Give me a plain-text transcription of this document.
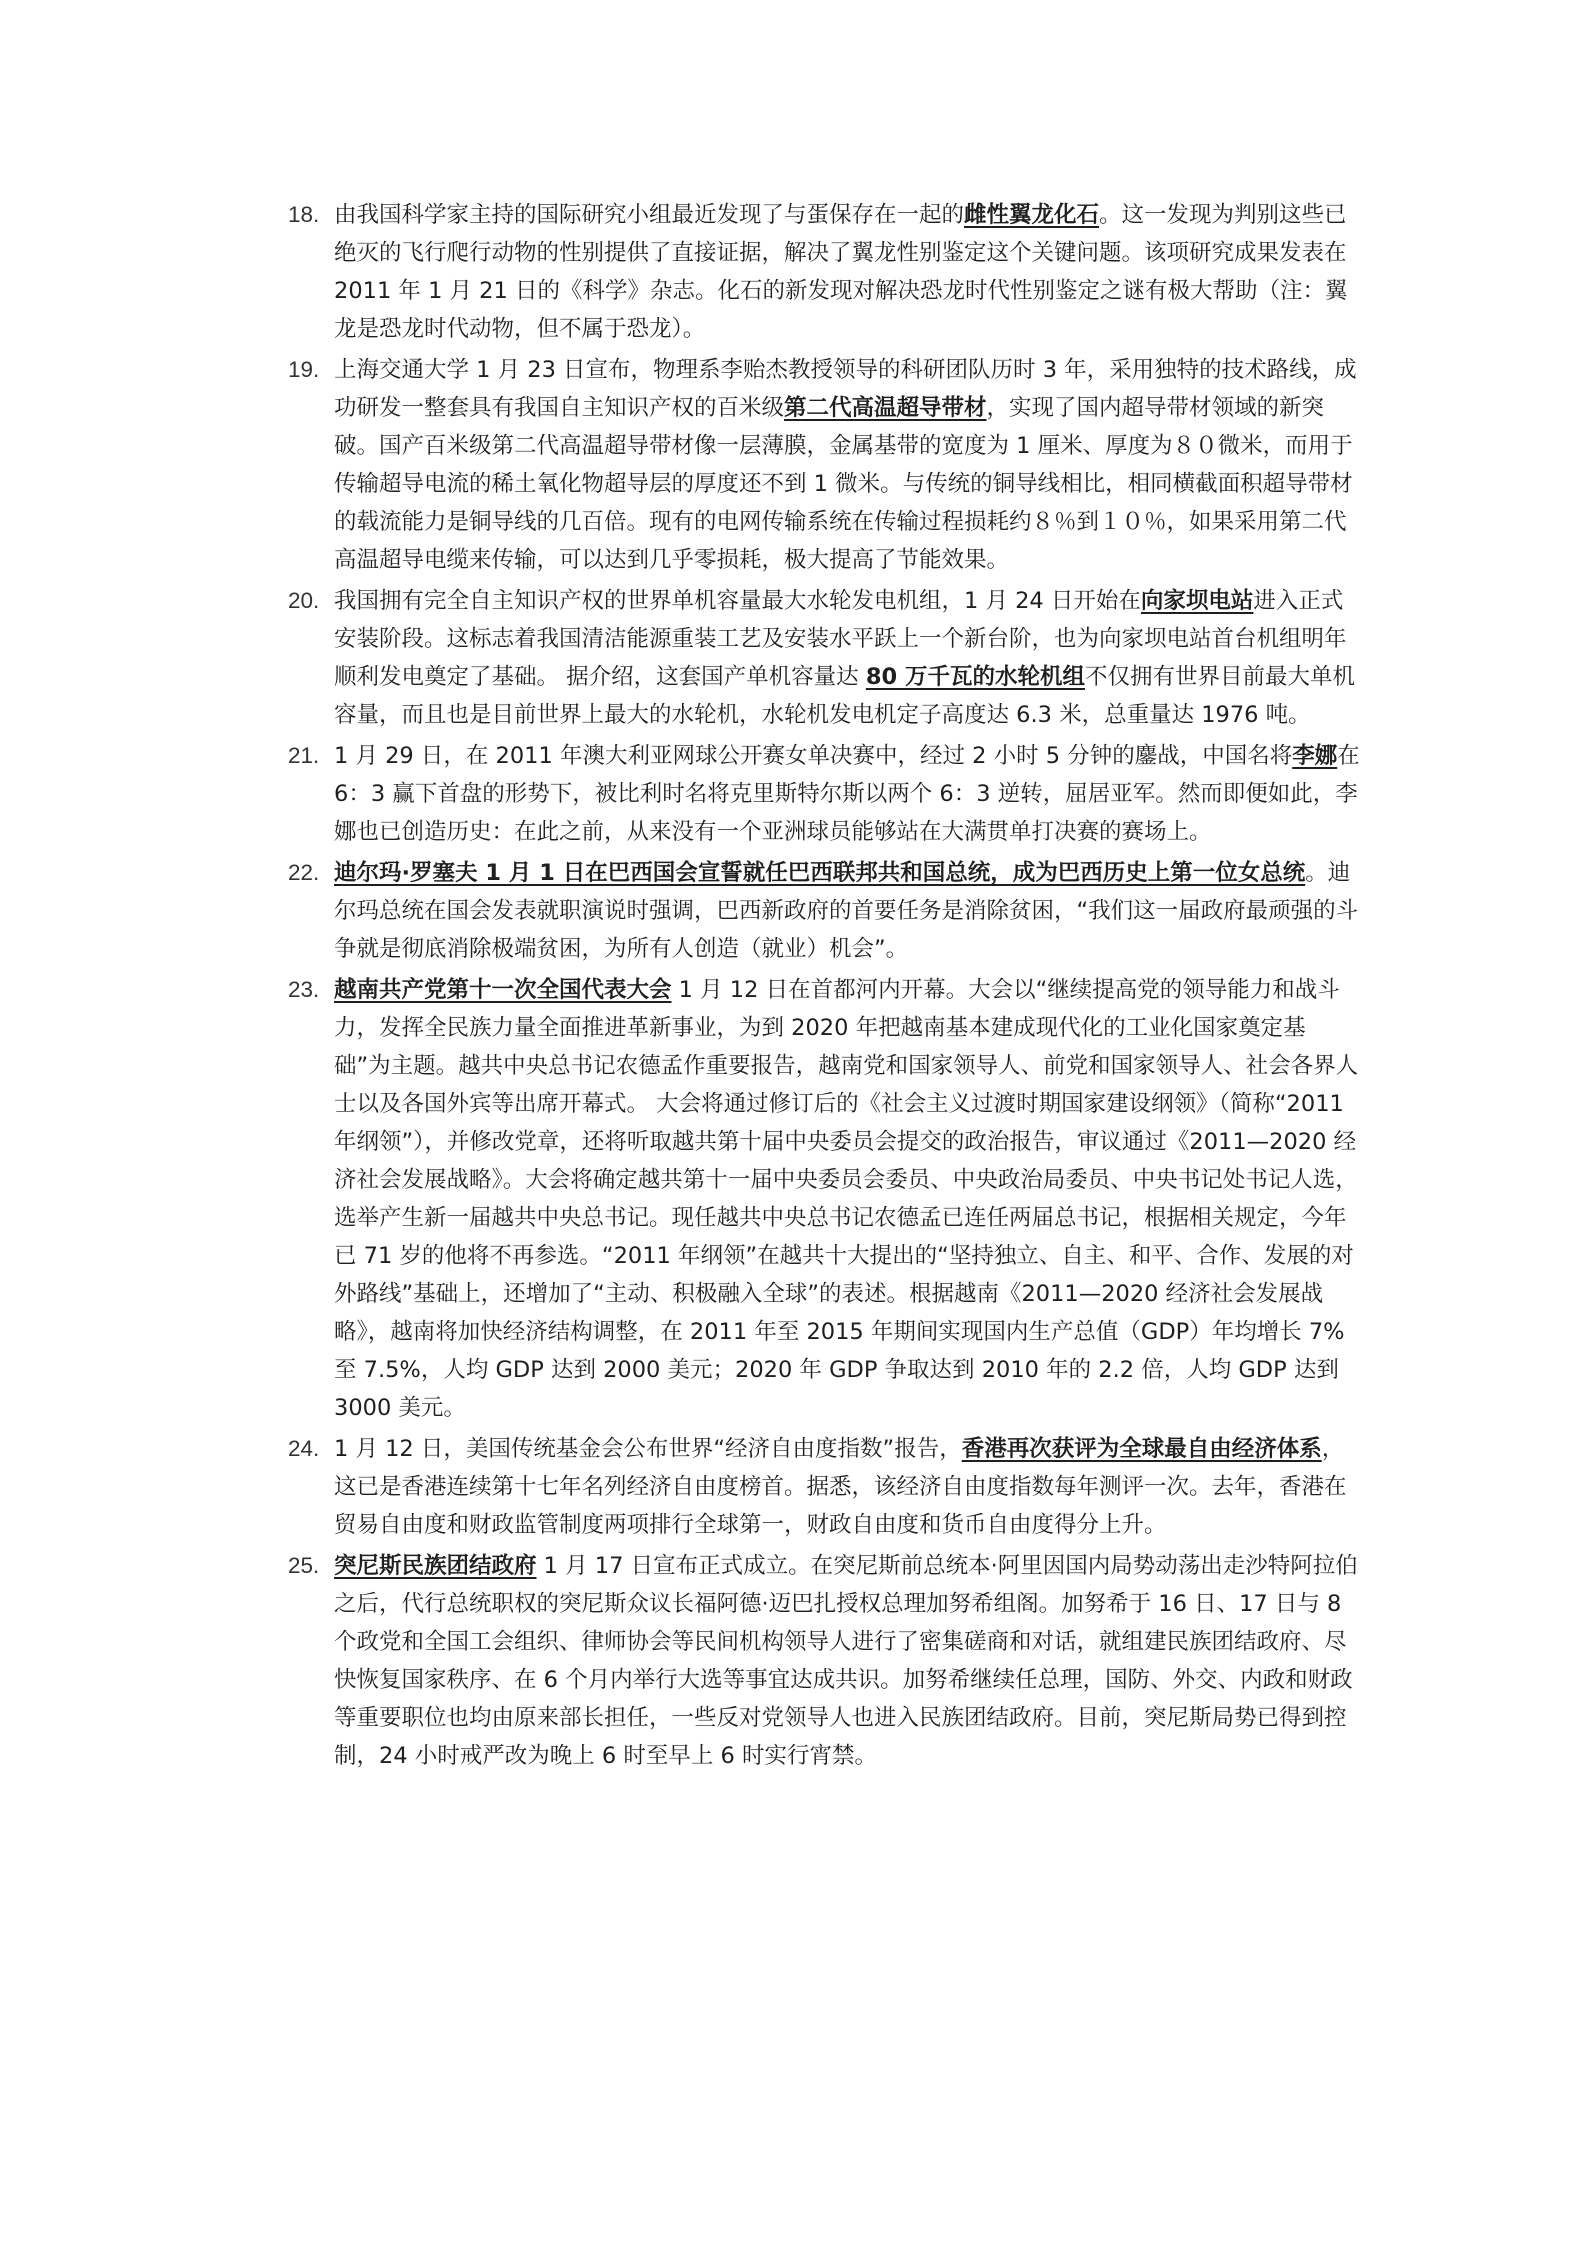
18. 由我国科学家主持的国际研究小组最近发现了与蛋保存在一起的雌性翼龙化石。这一发现为判别这些已绝灭的飞行爬行动物的性别提供了直接证据，解决了翼龙性别鉴定这个关键问题。该项研究成果发表在 2011 年 1 月 21 日的《科学》杂志。化石的新发现对解决恐龙时代性别鉴定之谜有极大帮助（注：翼龙是恐龙时代动物，但不属于恐龙）。
19. 上海交通大学 1 月 23 日宣布，物理系李贻杰教授领导的科研团队历时 3 年，采用独特的技术路线，成功研发一整套具有我国自主知识产权的百米级第二代高温超导带材，实现了国内超导带材领域的新突破。国产百米级第二代高温超导带材像一层薄膜，金属基带的宽度为 1 厘米、厚度为８０微米，而用于传输超导电流的稀土氧化物超导层的厚度还不到 1 微米。与传统的铜导线相比，相同横截面积超导带材的载流能力是铜导线的几百倍。现有的电网传输系统在传输过程损耗约８％到１０％，如果采用第二代高温超导电缆来传输，可以达到几乎零损耗，极大提高了节能效果。
20. 我国拥有完全自主知识产权的世界单机容量最大水轮发电机组，1 月 24 日开始在向家坝电站进入正式安装阶段。这标志着我国清洁能源重装工艺及安装水平跃上一个新台阶，也为向家坝电站首台机组明年顺利发电奠定了基础。 据介绍，这套国产单机容量达 80 万千瓦的水轮机组不仅拥有世界目前最大单机容量，而且也是目前世界上最大的水轮机，水轮机发电机定子高度达 6.3 米，总重量达 1976 吨。
21. 1 月 29 日，在 2011 年澳大利亚网球公开赛女单决赛中，经过 2 小时 5 分钟的鏖战，中国名将李娜在 6：3 赢下首盘的形势下，被比利时名将克里斯特尔斯以两个 6：3 逆转，屈居亚军。然而即便如此，李娜也已创造历史：在此之前，从来没有一个亚洲球员能够站在大满贯单打决赛的赛场上。
22. 迪尔玛·罗塞夫 1 月 1 日在巴西国会宣誓就任巴西联邦共和国总统，成为巴西历史上第一位女总统。迪尔玛总统在国会发表就职演说时强调，巴西新政府的首要任务是消除贫困，“我们这一届政府最顽强的斗争就是彻底消除极端贫困，为所有人创造（就业）机会”。
23. 越南共产党第十一次全国代表大会 1 月 12 日在首都河内开幕。大会以“继续提高党的领导能力和战斗力，发挥全民族力量全面推进革新事业，为到 2020 年把越南基本建成现代化的工业化国家奠定基础”为主题。越共中央总书记农德孟作重要报告，越南党和国家领导人、前党和国家领导人、社会各界人士以及各国外宾等出席开幕式。 大会将通过修订后的《社会主义过渡时期国家建设纲领》（简称“2011 年纲领”），并修改党章，还将听取越共第十届中央委员会提交的政治报告，审议通过《2011—2020 经济社会发展战略》。大会将确定越共第十一届中央委员会委员、中央政治局委员、中央书记处书记人选，选举产生新一届越共中央总书记。现任越共中央总书记农德孟已连任两届总书记，根据相关规定，今年已 71 岁的他将不再参选。“2011 年纲领”在越共十大提出的“坚持独立、自主、和平、合作、发展的对外路线”基础上，还增加了“主动、积极融入全球”的表述。根据越南《2011—2020 经济社会发展战略》，越南将加快经济结构调整，在 2011 年至 2015 年期间实现国内生产总值（GDP）年均增长 7%至 7.5%，人均 GDP 达到 2000 美元；2020 年 GDP 争取达到 2010 年的 2.2 倍，人均 GDP 达到 3000 美元。
24. 1 月 12 日，美国传统基金会公布世界“经济自由度指数”报告，香港再次获评为全球最自由经济体系，这已是香港连续第十七年名列经济自由度榜首。据悉，该经济自由度指数每年测评一次。去年，香港在贸易自由度和财政监管制度两项排行全球第一，财政自由度和货币自由度得分上升。
25. 突尼斯民族团结政府 1 月 17 日宣布正式成立。在突尼斯前总统本·阿里因国内局势动荡出走沙特阿拉伯之后，代行总统职权的突尼斯众议长福阿德·迈巴扎授权总理加努希组阁。加努希于 16 日、17 日与 8 个政党和全国工会组织、律师协会等民间机构领导人进行了密集磋商和对话，就组建民族团结政府、尽快恢复国家秩序、在 6 个月内举行大选等事宜达成共识。加努希继续任总理，国防、外交、内政和财政等重要职位也均由原来部长担任，一些反对党领导人也进入民族团结政府。目前，突尼斯局势已得到控制，24 小时戒严改为晚上 6 时至早上 6 时实行宵禁。
